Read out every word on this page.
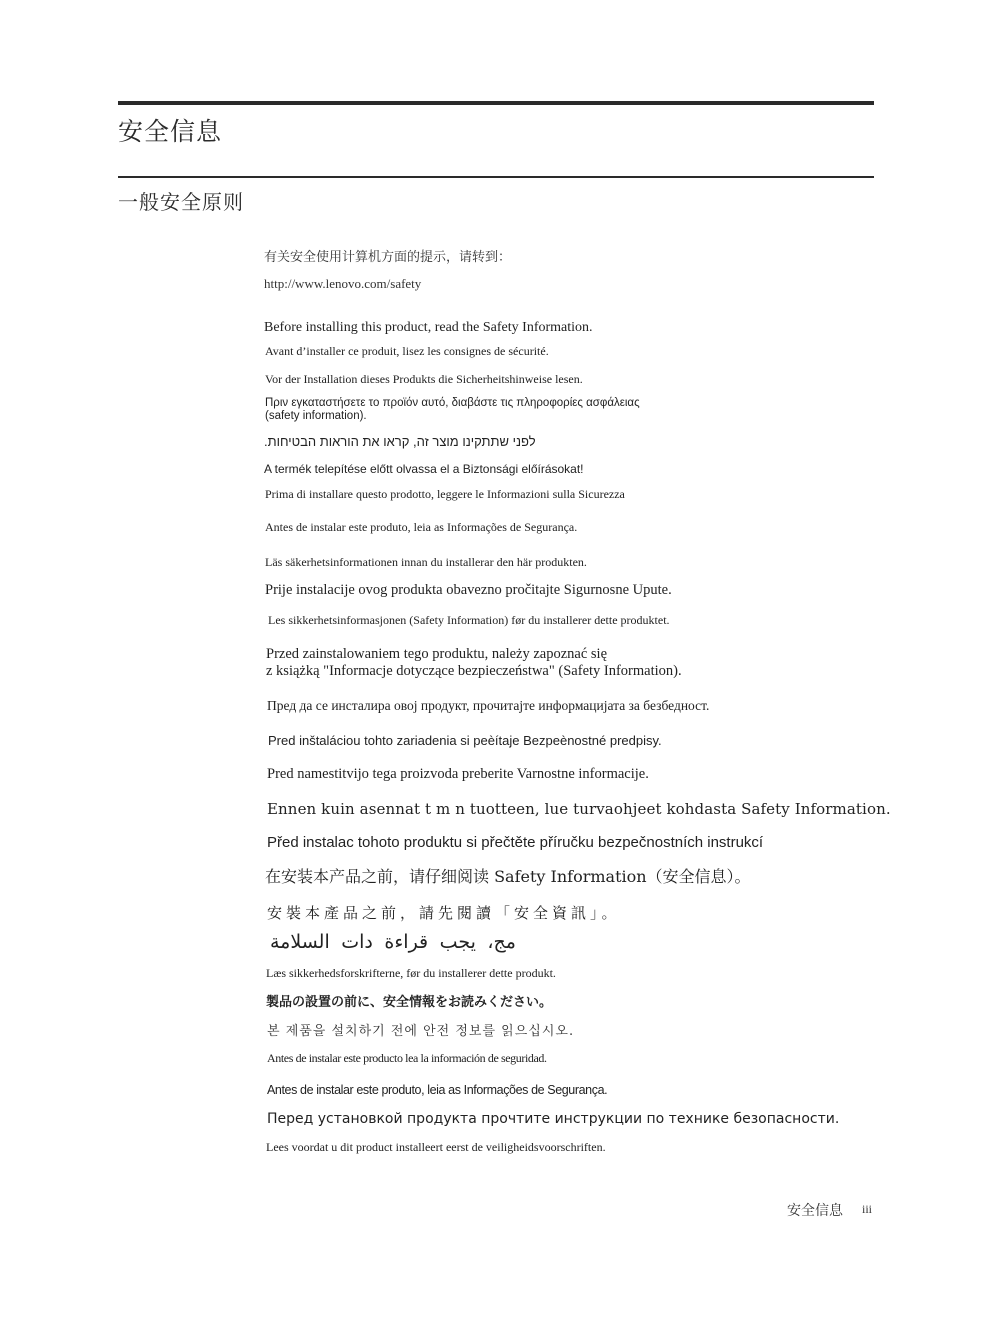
安全信息
一般安全原则
有关安全使用计算机方面的提示，请转到：
http://www.lenovo.com/safety
Before installing this product, read the Safety Information.
Avant d’installer ce produit, lisez les consignes de sécurité.
Vor der Installation dieses Produkts die Sicherheitshinweise lesen.
Πριν εγκαταστήσετε το προϊόν αυτό, διαβάστε τις πληροφορίες ασφάλειας
(safety information).
לפני שתתקינו מוצר זה, קראו את הוראות הבטיחות.
A termék telepítése előtt olvassa el a Biztonsági előírásokat!
Prima di installare questo prodotto, leggere le Informazioni sulla Sicurezza
Antes de instalar este produto, leia as Informações de Segurança.
Läs säkerhetsinformationen innan du installerar den här produkten.
Prije instalacije ovog produkta obavezno pročitajte Sigurnosne Upute.
Les sikkerhetsinformasjonen (Safety Information) før du installerer dette produktet.
Przed zainstalowaniem tego produktu, należy zapoznać się
z książką "Informacje dotyczące bezpieczeństwa" (Safety Information).
Пред да се инсталира овој продукт, прочитајте информацијата за безбедност.
Pred inštaláciou tohto zariadenia si peèítaje Bezpeènostné predpisy.
Pred namestitvijo tega proizvoda preberite Varnostne informacije.
Ennen kuin asennat t m n tuotteen, lue turvaohjeet kohdasta Safety Information.
Před instalac tohoto produktu si přečtěte příručku bezpečnostních instrukcí
在安装本产品之前，请仔细阅读 Safety Information（安全信息）。
安裝本產品之前，請先閱讀「安全資訊」。
مج، يجب قراءة دات السلامة
Læs sikkerhedsforskrifterne, før du installerer dette produkt.
製品の設置の前に、安全情報をお読みください。
본 제품을 설치하기 전에 안전 정보를 읽으십시오.
Antes de instalar este producto lea la información de seguridad.
Antes de instalar este produto, leia as Informações de Segurança.
Перед установкой продукта прочтите инструкции по технике безопасности.
Lees voordat u dit product installeert eerst de veiligheidsvoorschriften.
安全信息 iii
